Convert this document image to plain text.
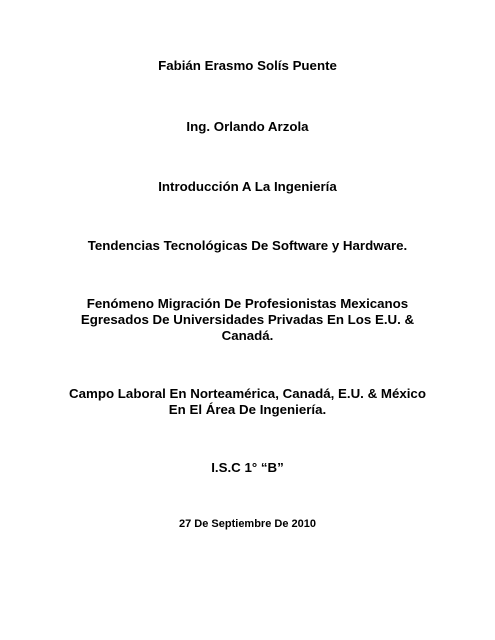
Fabián Erasmo Solís Puente
Ing. Orlando Arzola
Introducción A La Ingeniería
Tendencias Tecnológicas De Software y Hardware.
Fenómeno Migración De Profesionistas Mexicanos
Egresados De Universidades Privadas En Los E.U. &
Canadá.
Campo Laboral En Norteamérica, Canadá, E.U. & México
En El Área De Ingeniería.
I.S.C 1° “B”
27 De Septiembre De 2010
